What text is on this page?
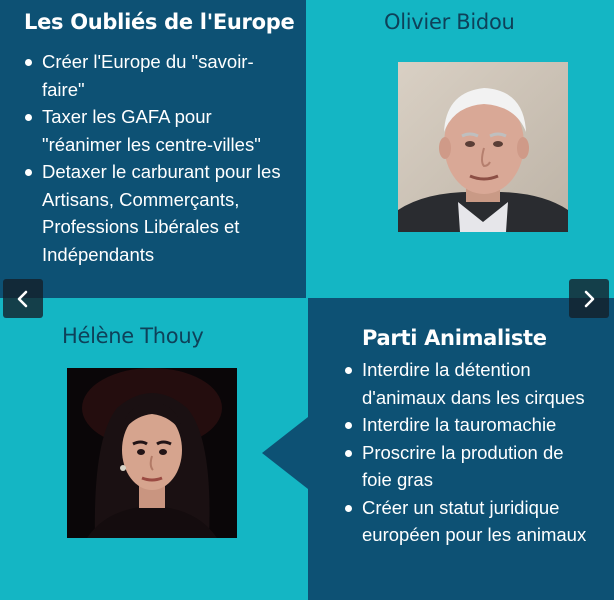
Les Oubliés de l'Europe
Créer l'Europe du "savoir-faire"
Taxer les GAFA pour "réanimer les centre-villes"
Detaxer le carburant pour les Artisans, Commerçants, Professions Libérales et Indépendants
Olivier Bidou
Hélène Thouy	Parti Animaliste
Interdire la détention d'animaux dans les cirques
Interdire la tauromachie
Proscrire la prodution de foie gras
Créer un statut juridique européen pour les animaux
